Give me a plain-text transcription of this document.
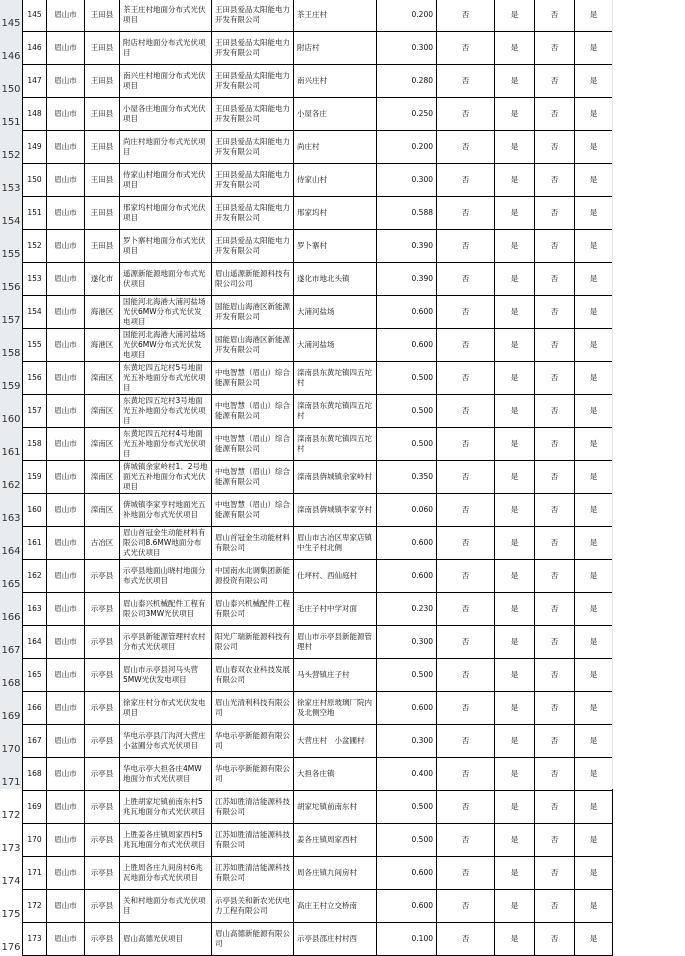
145
146
150
151
152
153
154
155
156
157
158
159
160
161
162
163
164
165
166
167
168
169
170
171
172
173
174
175
176
145	眉山市	王田县	茶王庄村地面分布式光伏项目	王田县爱品太阳能电力开发有限公司	茶王庄村	0.200	否	是	否	是
146	眉山市	王田县	附店村地面分布式光伏项目	王田县爱品太阳能电力开发有限公司	附店村	0.300	否	是	否	是
147	眉山市	王田县	南兴庄村地面分布式光伏项目	王田县爱品太阳能电力开发有限公司	南兴庄村	0.280	否	是	否	是
148	眉山市	王田县	小屋各庄地面分布式光伏项目	王田县爱品太阳能电力开发有限公司	小屋各庄	0.250	否	是	否	是
149	眉山市	王田县	尚庄村地面分布式光伏项目	王田县爱品太阳能电力开发有限公司	尚庄村	0.200	否	是	否	是
150	眉山市	王田县	侍家山村地面分布式光伏项目	王田县爱品太阳能电力开发有限公司	侍家山村	0.300	否	是	否	是
151	眉山市	王田县	邢家坞村地面分布式光伏项目	王田县爱品太阳能电力开发有限公司	邢家坞村	0.588	否	是	否	是
152	眉山市	王田县	罗卜寨村地面分布式光伏项目	王田县爱品太阳能电力开发有限公司	罗卜寨村	0.390	否	是	否	是
153	眉山市	遂化市	遥源新能源地面分布式光伏项目	眉山遥源新能源科技有限公司公司	遂化市地北头镇	0.390	否	是	否	是
154	眉山市	海港区	国能河北海港大浦河盐场光伏6MW分布式光伏发电项目	国能眉山海港区新能源开发有限公司	大浦河盐场	0.600	否	是	否	是
155	眉山市	海港区	国能河北海港大浦河盐场光伏6MW分布式光伏发电项目	国能眉山海港区新能源开发有限公司	大浦河盐场	0.600	否	是	否	是
156	眉山市	滦南区	东黄坨四五坨村5号地面光五补地面分布式光伏项目	中电智慧（眉山）综合能源有限公司	滦南县东黄坨镇四五坨村	0.500	否	是	否	是
157	眉山市	滦南区	东黄坨四五坨村3号地面光五补地面分布式光伏项目	中电智慧（眉山）综合能源有限公司	滦南县东黄坨镇四五坨村	0.500	否	是	否	是
158	眉山市	滦南区	东黄坨四五坨村4号地面光五补地面分布式光伏项目	中电智慧（眉山）综合能源有限公司	滦南县东黄坨镇四五坨村	0.500	否	是	否	是
159	眉山市	滦南区	倴城镇余家岭村1、2号地面光五补地面分布式光伏项目	中电智慧（眉山）综合能源有限公司	滦南县倴城镇余家岭村	0.350	否	是	否	是
160	眉山市	滦南区	倴城镇李家亨村地面光五补地面分布式光伏项目	中电智慧（眉山）综合能源有限公司	滦南县倴城镇李家亨村	0.060	否	是	否	是
161	眉山市	古冶区	眉山首冠金生动能材料有限公司8.6MW地面分布式光伏项目	眉山首冠金生动能材料有限公司	眉山市古冶区卑家店镇中生子村北侧	0.600	否	是	否	是
162	眉山市	示亭县	示亭县地面山晓村地面分布式光伏项目	中国南水北调集团新能源投资有限公司	仕坪村、西仙庭村	0.600	否	是	否	是
163	眉山市	示亭县	眉山泰兴机械配件工程有限公司3MW光伏项目	眉山泰兴机械配件工程有限公司	毛庄子村中学对面	0.230	否	是	否	是
164	眉山市	示亭县	示亭县新能源管理村农村分布式光伏项目	阳光广瑞新能源科技有限公司	眉山市示亭县新能源管理村	0.300	否	是	否	是
165	眉山市	示亭县	眉山市示亭县河马头营5MW光伏发电项目	眉山春双农业科技发展有限公司	马头营镇庄子村	0.500	否	是	否	是
166	眉山市	示亭县	徐家庄村分布式光伏发电项目	眉山光清利科技有限公司	徐家庄村原玻璃厂院内及北侧空地	0.600	否	是	否	是
167	眉山市	示亭县	华电示亭县汀沟河大营庄小盆圃分布式光伏项目	华电示亭新能源有限公司	大营庄村　小盆圃村	0.300	否	是	否	是
168	眉山市	示亭县	华电示亭大担各庄4MW地面分布式光伏项目	华电示亭新能源有限公司	大担各庄镇	0.400	否	是	否	是
169	眉山市	示亭县	上胜胡家坨镇前南东村5兆瓦地面分布式光伏项目	江苏如胜清洁能源科技有限公司	胡家坨镇前南东村	0.500	否	是	否	是
170	眉山市	示亭县	上胜姜各庄镇周家西村5兆瓦地面分布式光伏项目	江苏如胜清洁能源科技有限公司	姜各庄镇周家西村	0.500	否	是	否	是
171	眉山市	示亭县	上胜周各庄九间房村6兆瓦地面分布式光伏项目	江苏如胜清洁能源科技有限公司	周各庄镇九间房村	0.600	否	是	否	是
172	眉山市	示亭县	关和村地面分布式光伏项目	示亭县关和新农光伏电力工程有限公司	高庄王村立交桥南	0.600	否	是	否	是
173	眉山市	示亭县	眉山高德光伏项目	眉山高德新能源有限公司	示亭县邵庄村村西	0.100	否	是	否	是
